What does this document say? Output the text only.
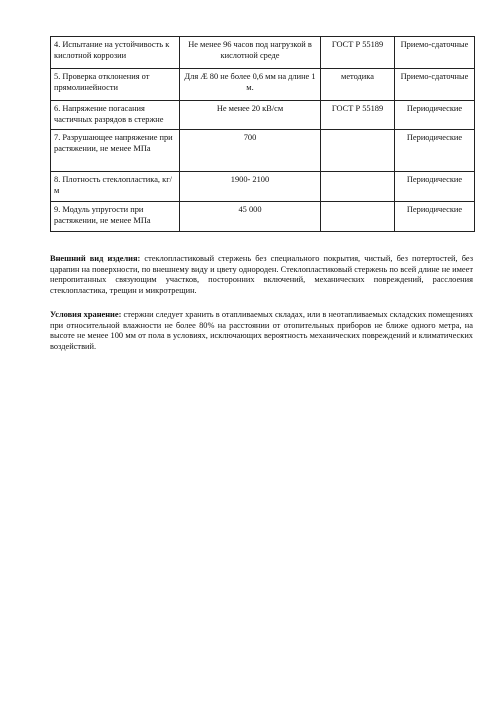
4. Испытание на устойчивость к кислотной коррозии	Не менее 96 часов под нагрузкой в кислотной среде	ГОСТ Р 55189	Приемо-сдаточные
5. Проверка отклонения от прямолинейности	Для Æ 80 не более 0,6 мм на длине 1 м.	методика	Приемо-сдаточные
6. Напряжение погасания частичных разрядов в стержне	Не менее 20 кВ/см	ГОСТ Р 55189	Периодические
7. Разрушающее напряжение при растяжении, не менее МПа	700		Периодические
8. Плотность стеклопластика, кг/м	1900- 2100		Периодические
9. Модуль упругости при растяжении, не менее МПа	45 000		Периодические

Внешний вид изделия: стеклопластиковый стержень без специального покрытия, чистый, без потертостей, без царапин на поверхности, по внешнему виду и цвету однороден. Стеклопластиковый стержень по всей длине не имеет непропитанных связующим участков, посторонних включений, механических повреждений, расслоения стеклопластика, трещин и микротрещин.

Условия хранение: стержни следует хранить в отапливаемых складах, или в неотапливаемых складских помещениях при относительной влажности не более 80% на расстоянии от отопительных приборов не ближе одного метра, на высоте не менее 100 мм от пола в условиях, исключающих вероятность механических повреждений и климатических воздействий.
